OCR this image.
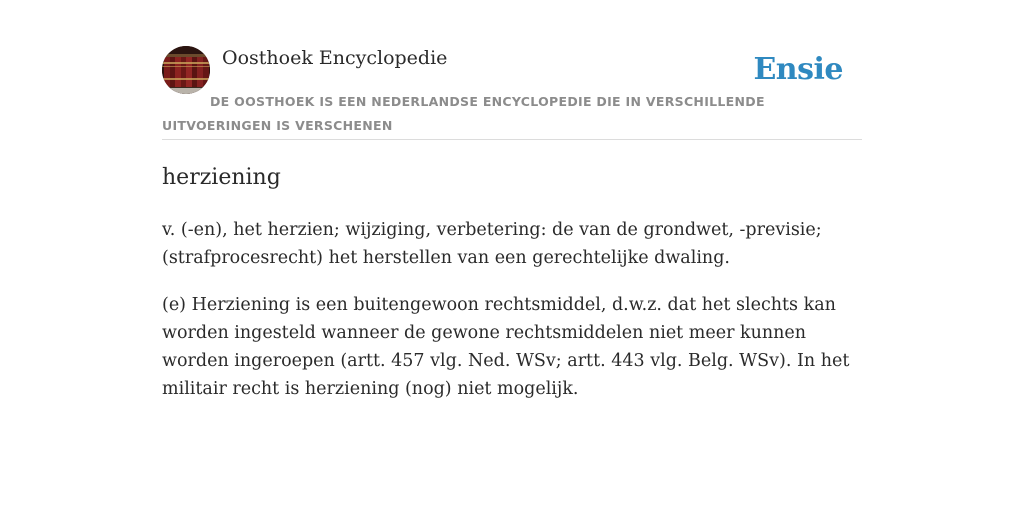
Oosthoek Encyclopedie	Ensie
DE OOSTHOEK IS EEN NEDERLANDSE ENCYCLOPEDIE DIE IN VERSCHILLENDE UITVOERINGEN IS VERSCHENEN
herziening

v. (-en), het herzien; wijziging, verbetering: de van de grondwet, -previsie; (strafprocesrecht) het herstellen van een gerechtelijke dwaling.

(e) Herziening is een buitengewoon rechtsmiddel, d.w.z. dat het slechts kan worden ingesteld wanneer de gewone rechtsmiddelen niet meer kunnen worden ingeroepen (artt. 457 vlg. Ned. WSv; artt. 443 vlg. Belg. WSv). In het militair recht is herziening (nog) niet mogelijk.
